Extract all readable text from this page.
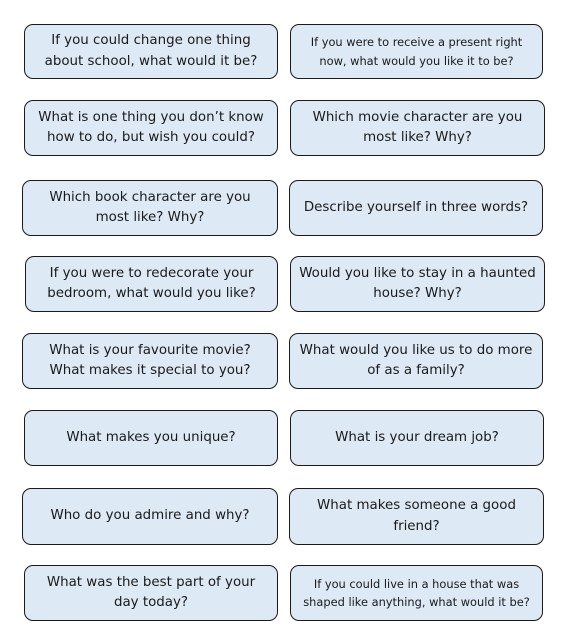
If you could change one thing about school, what would it be?
If you were to receive a present right now, what would you like it to be?
What is one thing you don’t know how to do, but wish you could?
Which movie character are you most like? Why?
Which book character are you most like? Why?
Describe yourself in three words?
If you were to redecorate your bedroom, what would you like?
Would you like to stay in a haunted house? Why?
What is your favourite movie? What makes it special to you?
What would you like us to do more of as a family?
What makes you unique?	What is your dream job?
Who do you admire and why?
What makes someone a good friend?
What was the best part of your day today?
If you could live in a house that was shaped like anything, what would it be?
